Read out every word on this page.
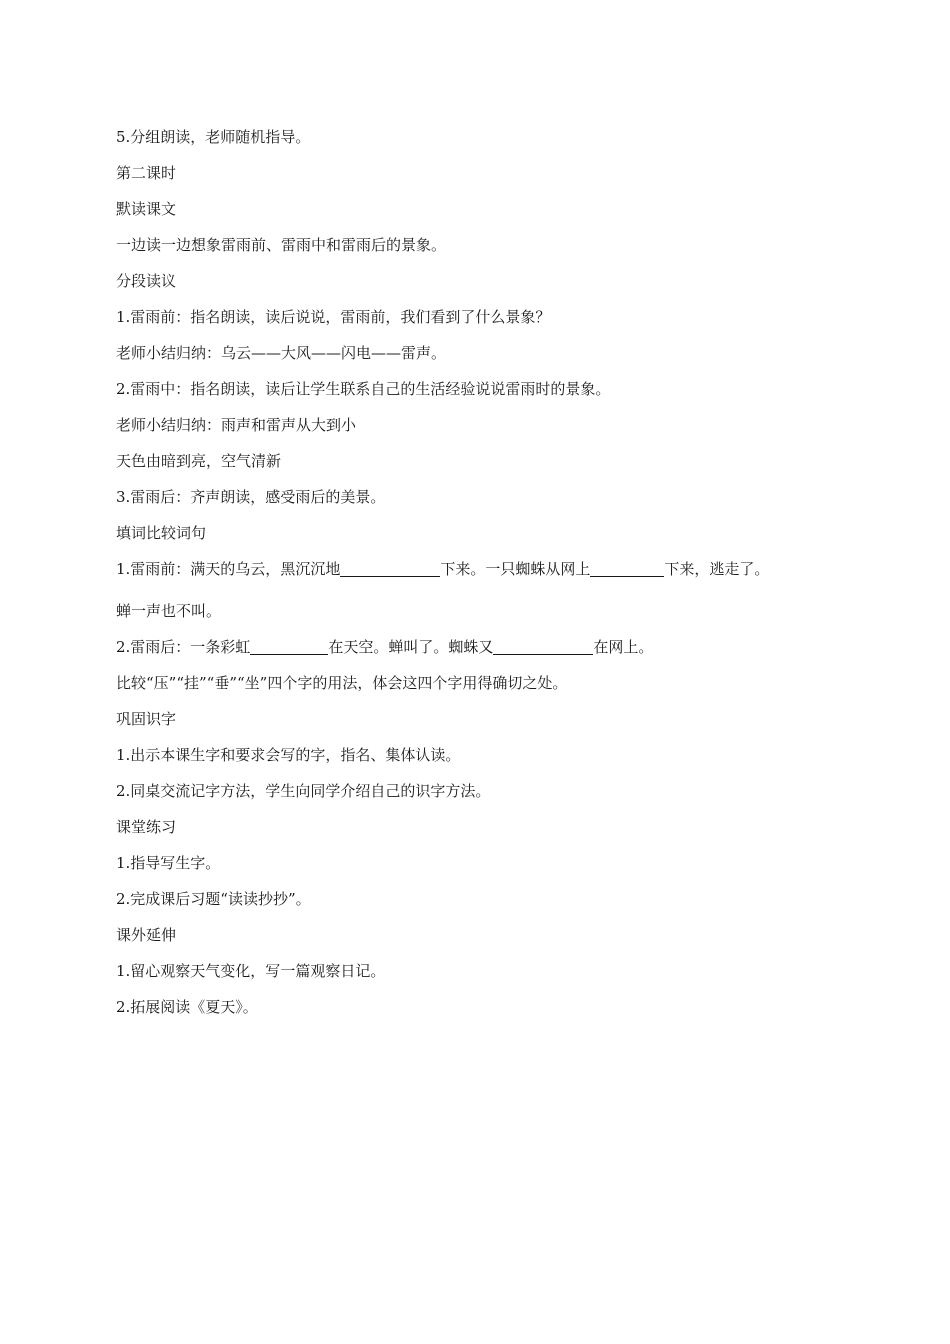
5.分组朗读，老师随机指导。
第二课时
默读课文
一边读一边想象雷雨前、雷雨中和雷雨后的景象。
分段读议
1.雷雨前：指名朗读，读后说说，雷雨前，我们看到了什么景象？
老师小结归纳：乌云——大风——闪电——雷声。
2.雷雨中：指名朗读，读后让学生联系自己的生活经验说说雷雨时的景象。
老师小结归纳：雨声和雷声从大到小
天色由暗到亮，空气清新
3.雷雨后：齐声朗读，感受雨后的美景。
填词比较词句
1.雷雨前：满天的乌云，黑沉沉地	下来。一只蜘蛛从网上	下来，逃走了。
蝉一声也不叫。
2.雷雨后：一条彩虹	在天空。蝉叫了。蜘蛛又	在网上。
比较“压”“挂”“垂”“坐”四个字的用法，体会这四个字用得确切之处。
巩固识字
1.出示本课生字和要求会写的字，指名、集体认读。
2.同桌交流记字方法，学生向同学介绍自己的识字方法。
课堂练习
1.指导写生字。
2.完成课后习题“读读抄抄”。
课外延伸
1.留心观察天气变化，写一篇观察日记。
2.拓展阅读《夏天》。
